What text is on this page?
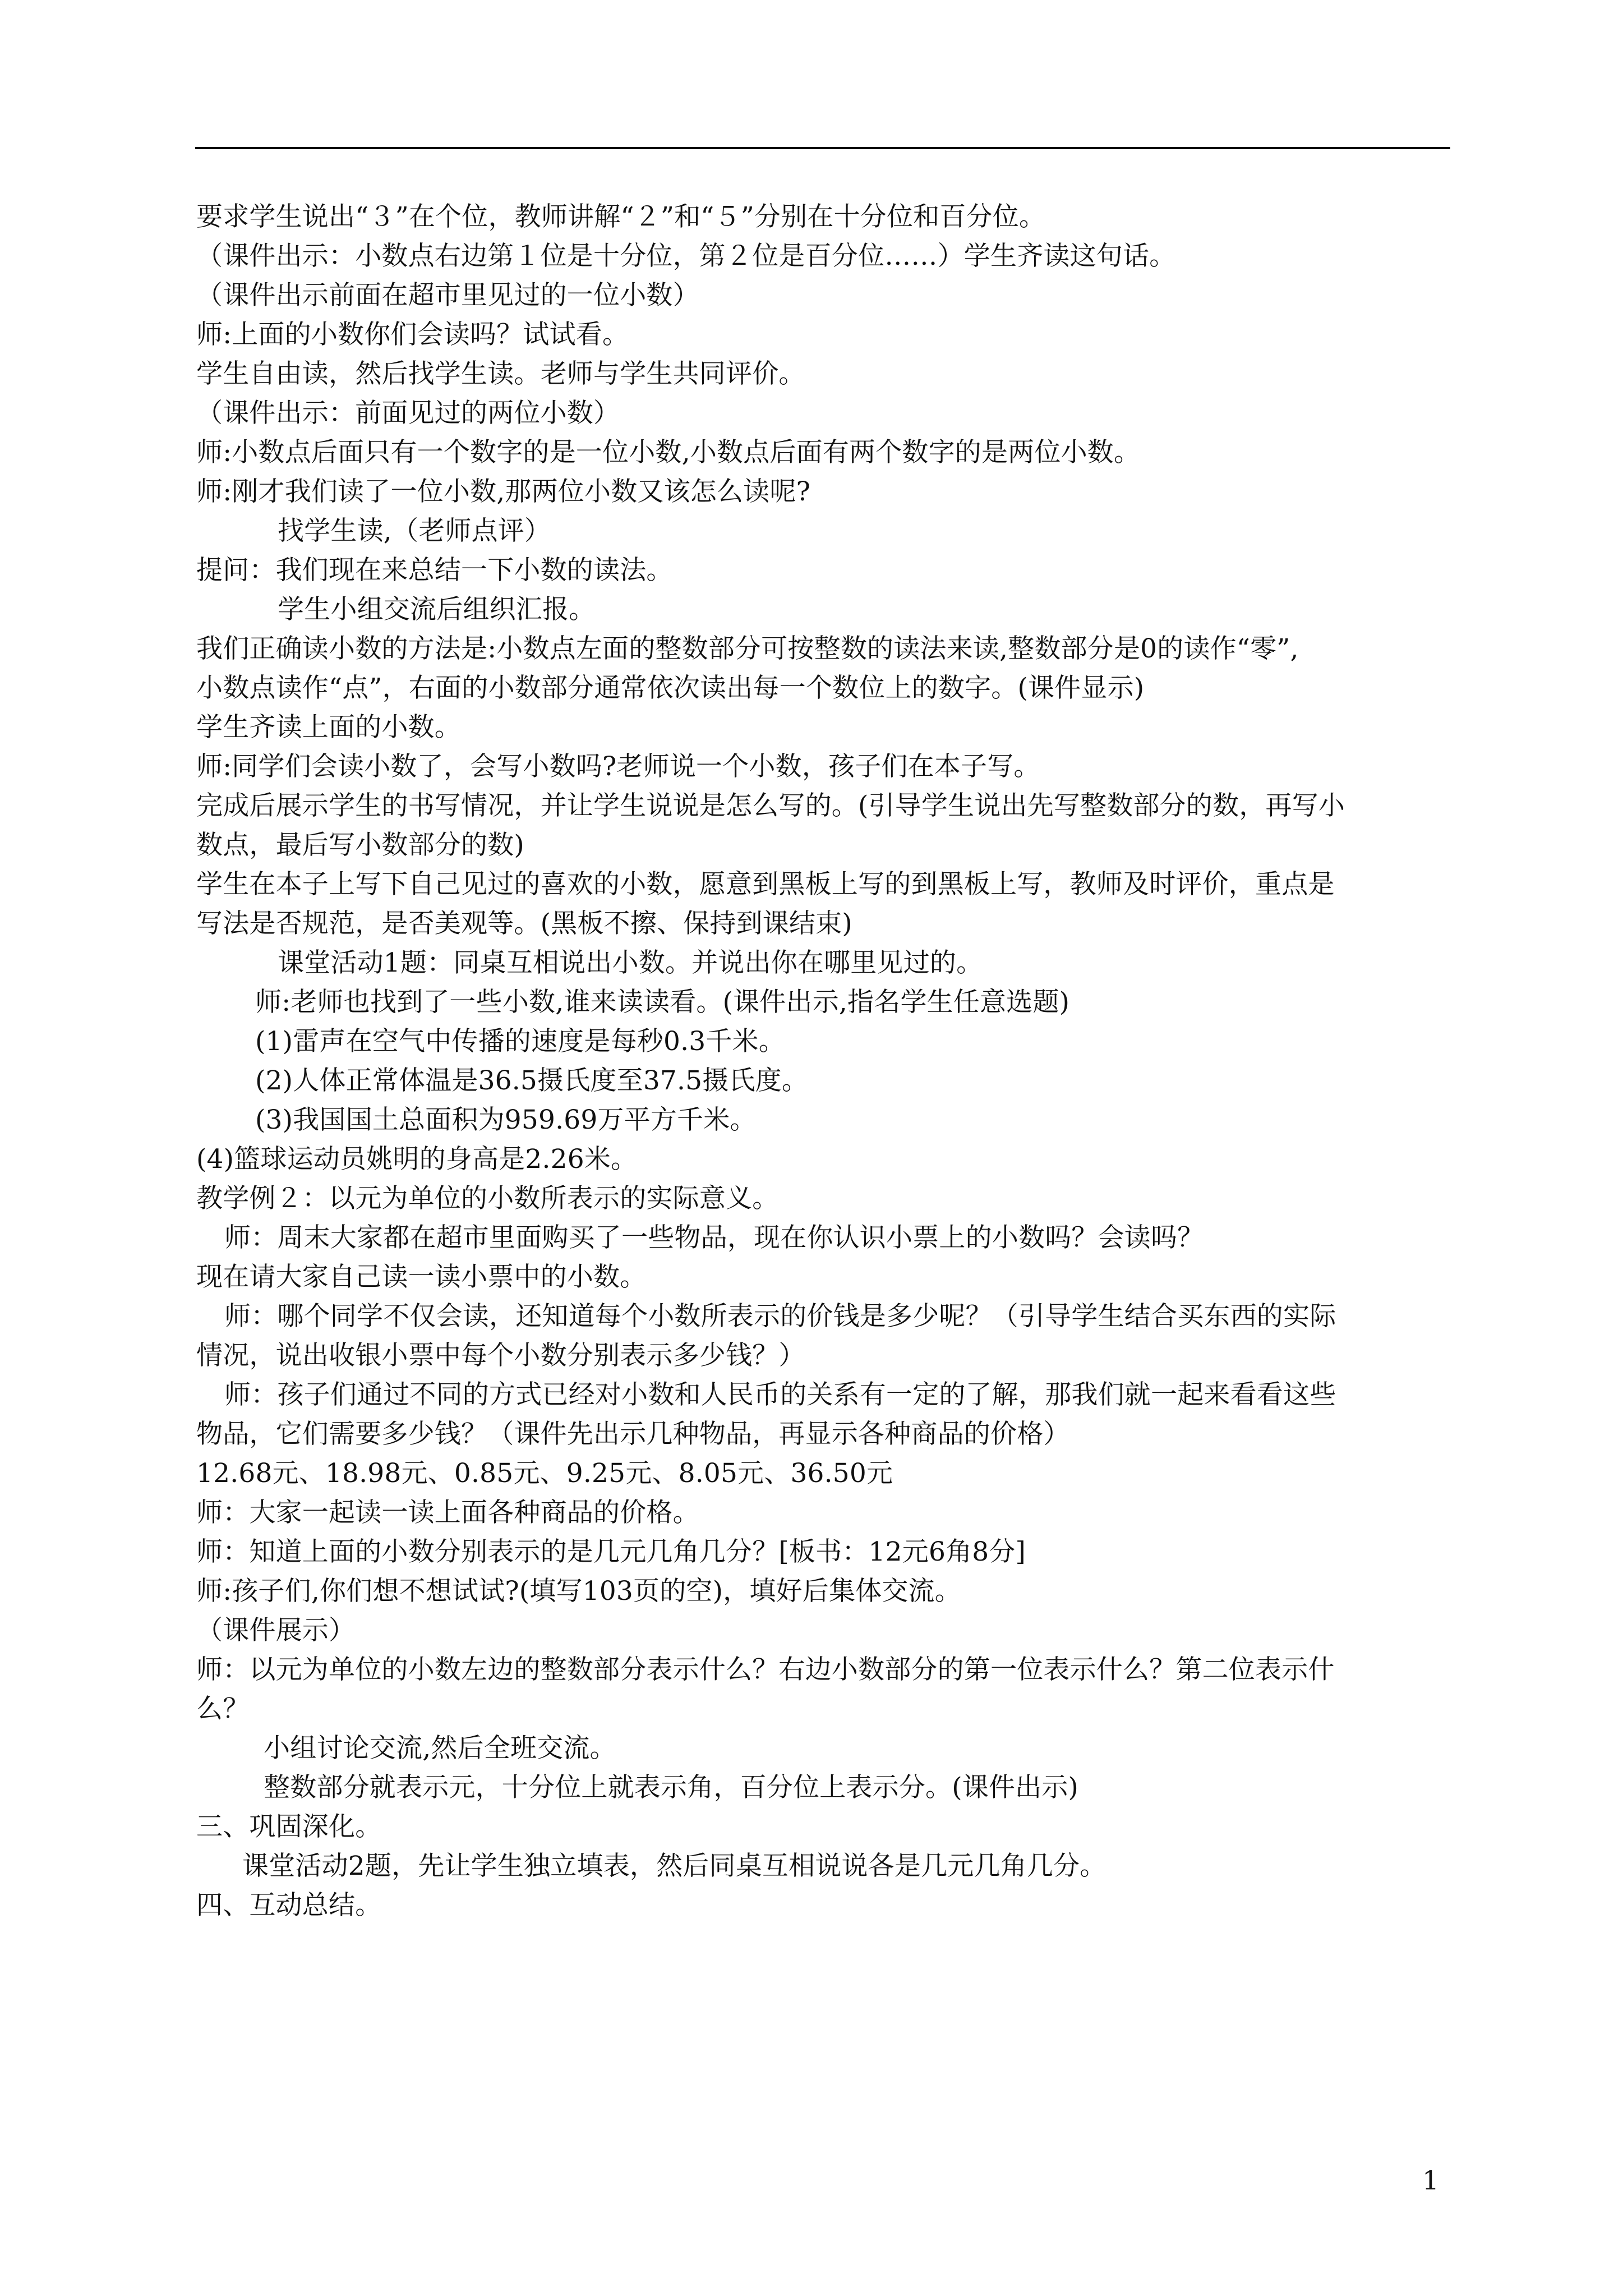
要求学生说出“３”在个位，教师讲解“２”和“５”分别在十分位和百分位。
（课件出示：小数点右边第１位是十分位，第２位是百分位……）学生齐读这句话。
（课件出示前面在超市里见过的一位小数）
师:上面的小数你们会读吗？试试看。
学生自由读，然后找学生读。老师与学生共同评价。
（课件出示：前面见过的两位小数）
师:小数点后面只有一个数字的是一位小数,小数点后面有两个数字的是两位小数。
师:刚才我们读了一位小数,那两位小数又该怎么读呢?
找学生读,（老师点评）
提问：我们现在来总结一下小数的读法。
学生小组交流后组织汇报。
我们正确读小数的方法是:小数点左面的整数部分可按整数的读法来读,整数部分是0的读作“零”,
小数点读作“点”，右面的小数部分通常依次读出每一个数位上的数字。(课件显示)
学生齐读上面的小数。
师:同学们会读小数了，会写小数吗?老师说一个小数，孩子们在本子写。
完成后展示学生的书写情况，并让学生说说是怎么写的。(引导学生说出先写整数部分的数，再写小
数点，最后写小数部分的数)
学生在本子上写下自己见过的喜欢的小数，愿意到黑板上写的到黑板上写，教师及时评价，重点是
写法是否规范，是否美观等。(黑板不擦、保持到课结束)
课堂活动1题：同桌互相说出小数。并说出你在哪里见过的。
师:老师也找到了一些小数,谁来读读看。(课件出示,指名学生任意选题)
(1)雷声在空气中传播的速度是每秒0.3千米。
(2)人体正常体温是36.5摄氏度至37.5摄氏度。
(3)我国国土总面积为959.69万平方千米。
(4)篮球运动员姚明的身高是2.26米。
教学例２：以元为单位的小数所表示的实际意义。
师：周末大家都在超市里面购买了一些物品，现在你认识小票上的小数吗？会读吗？
现在请大家自己读一读小票中的小数。
师：哪个同学不仅会读，还知道每个小数所表示的价钱是多少呢？（引导学生结合买东西的实际
情况，说出收银小票中每个小数分别表示多少钱？）
师：孩子们通过不同的方式已经对小数和人民币的关系有一定的了解，那我们就一起来看看这些
物品，它们需要多少钱？（课件先出示几种物品，再显示各种商品的价格）
12.68元、18.98元、0.85元、9.25元、8.05元、36.50元
师：大家一起读一读上面各种商品的价格。
师：知道上面的小数分别表示的是几元几角几分？[板书：12元6角8分]
师:孩子们,你们想不想试试?(填写103页的空)，填好后集体交流。
（课件展示）
师：以元为单位的小数左边的整数部分表示什么？右边小数部分的第一位表示什么？第二位表示什
么？
小组讨论交流,然后全班交流。
整数部分就表示元，十分位上就表示角，百分位上表示分。(课件出示)
三、巩固深化。
课堂活动2题，先让学生独立填表，然后同桌互相说说各是几元几角几分。
四、互动总结。
1
